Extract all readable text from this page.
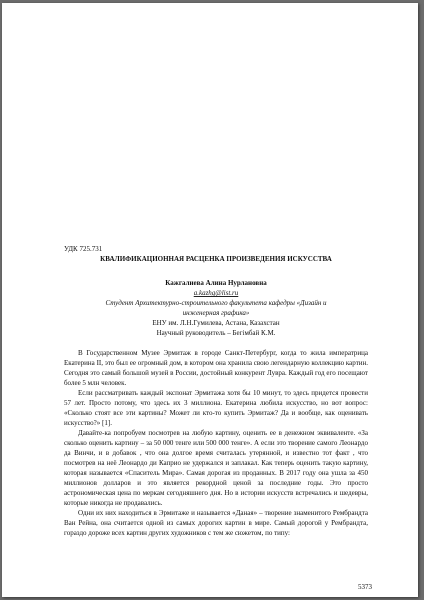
УДК 725.731

КВАЛИФИКАЦИОННАЯ РАСЦЕНКА ПРОИЗВЕДЕНИЯ ИСКУССТВА

Кажгалиева Алина Нурлановна
a.kazhg@list.ru
Студент Архитектурно-строительного факультета кафедры «Дизайн и инженерная графика»
ЕНУ им. Л.Н.Гумилева, Астана, Казахстан
Научный руководитель – Бегімбай К.М.

В Государственном Музее Эрмитаж в городе Санкт-Петербург, когда то жила императрица Екатерина II, это был ее огромный дом, в котором она хранила свою легендарную коллекцию картин. Сегодня это самый большой музей в России, достойный конкурент Лувра. Каждый год его посещают более 5 млн человек.

Если рассматривать каждый экспонат Эрмитажа хотя бы 10 минут, то здесь придется провести 57 лет. Просто потому, что здесь их 3 миллиона. Екатерина любила искусство, но вот вопрос: «Сколько стоят все эти картины? Может ли кто-то купить Эрмитаж? Да и вообще, как оценивать искусство?» [1].

Давайте-ка попробуем посмотрев на любую картину, оценить ее в денежном эквиваленте. «За сколько оценить картину – за 50 000 тенге или 500 000 тенге». А если это творение самого Леонардо да Винчи, и в добавок , что она долгое время считалась утерянной, и известно тот факт , что посмотрев на неё Леонардо ди Каприо не удержался и заплакал. Как теперь оценить такую картину, которая называется «Спаситель Мира». Самая дорогая из проданных. В 2017 году она ушла за 450 миллионов долларов и это является рекордной ценой за последние годы. Это просто астрономическая цена по меркам сегодняшнего дня. Но в истории искусств встречались и шедевры, которые никогда не продавались.

Одни их них находиться в Эрмитаже и называется «Даная» – творение знаменитого Рембрандта Ван Рейна, она считается одной из самых дорогих картин в мире. Самый дорогой у Рембрандта, гораздо дороже всех картин других художников с тем же сюжетом, по типу:

5373
